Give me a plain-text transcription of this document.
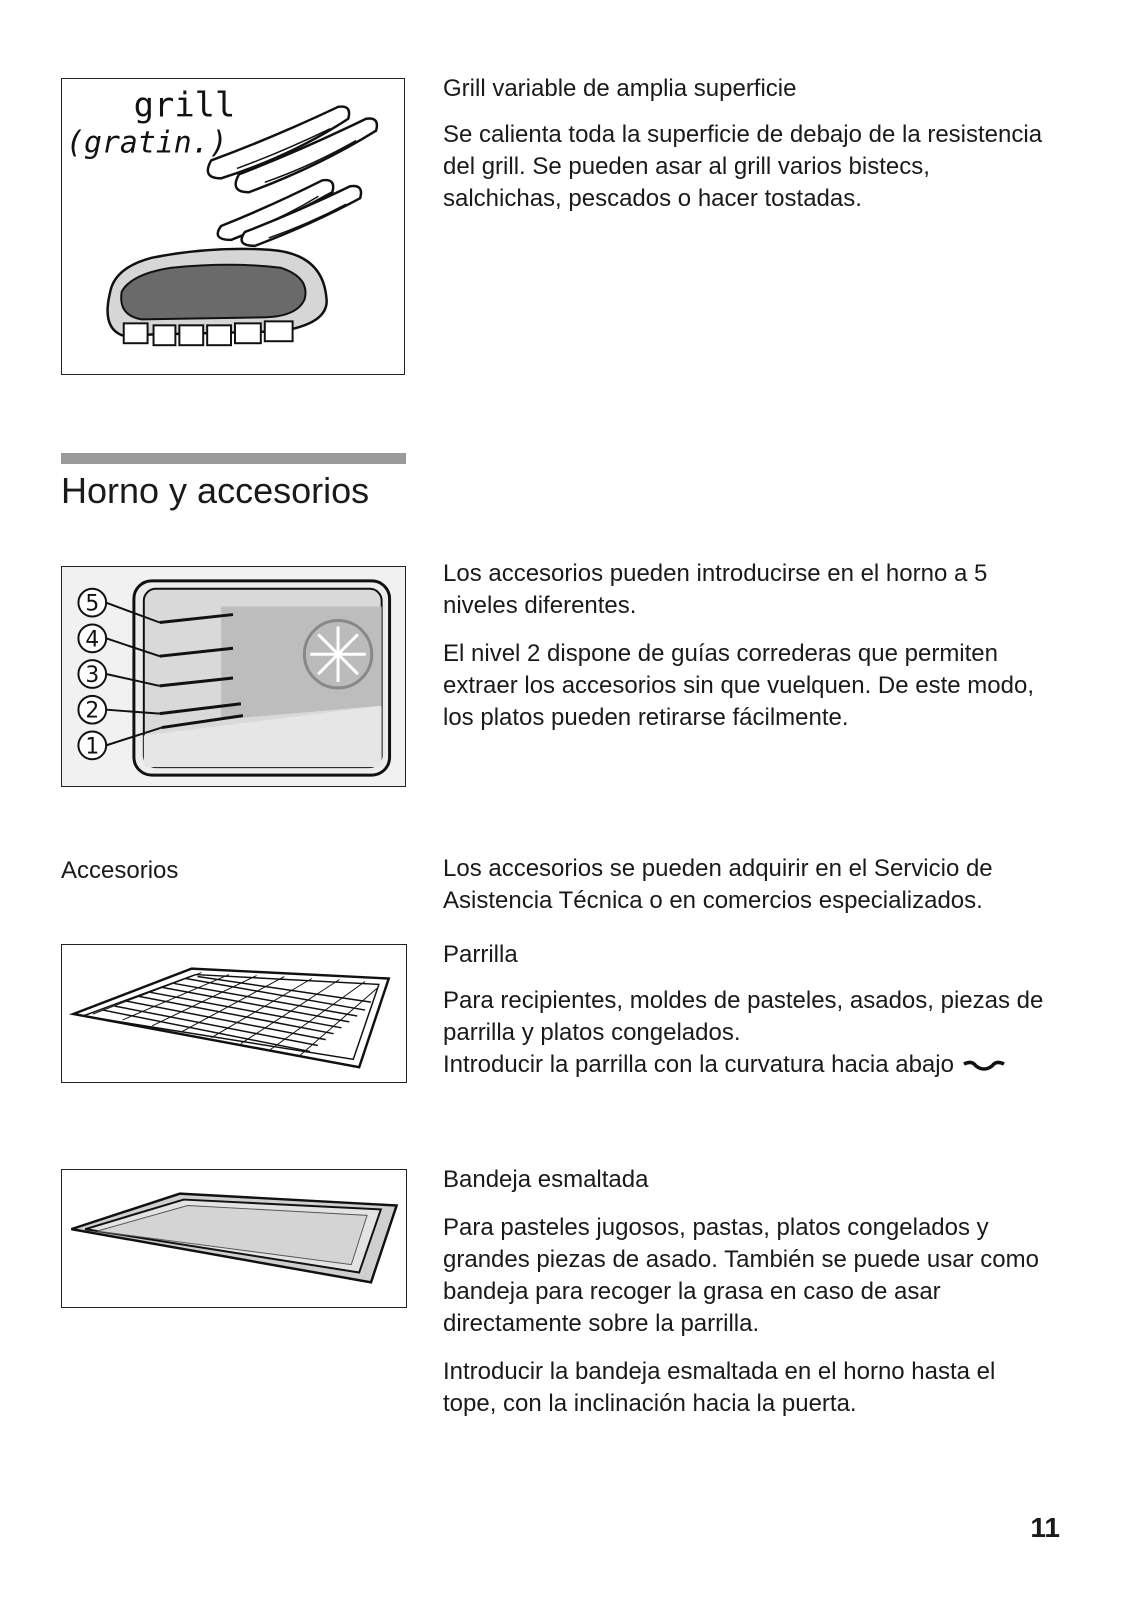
grill
(gratin.)

Grill variable de amplia superficie

Se calienta toda la superficie de debajo de la resistencia del grill. Se pueden asar al grill varios bistecs, salchichas, pescados o hacer tostadas.

Horno y accesorios
5
4
3
2
1

Los accesorios pueden introducirse en el horno a 5 niveles diferentes.

El nivel 2 dispone de guías correderas que permiten extraer los accesorios sin que vuelquen. De este modo, los platos pueden retirarse fácilmente.

Accesorios	Los accesorios se pueden adquirir en el Servicio de Asistencia Técnica o en comercios especializados.

Parrilla

Para recipientes, moldes de pasteles, asados, piezas de parrilla y platos congelados.

Introducir la parrilla con la curvatura hacia abajo

Bandeja esmaltada

Para pasteles jugosos, pastas, platos congelados y grandes piezas de asado. También se puede usar como bandeja para recoger la grasa en caso de asar directamente sobre la parrilla.

Introducir la bandeja esmaltada en el horno hasta el tope, con la inclinación hacia la puerta.

11
